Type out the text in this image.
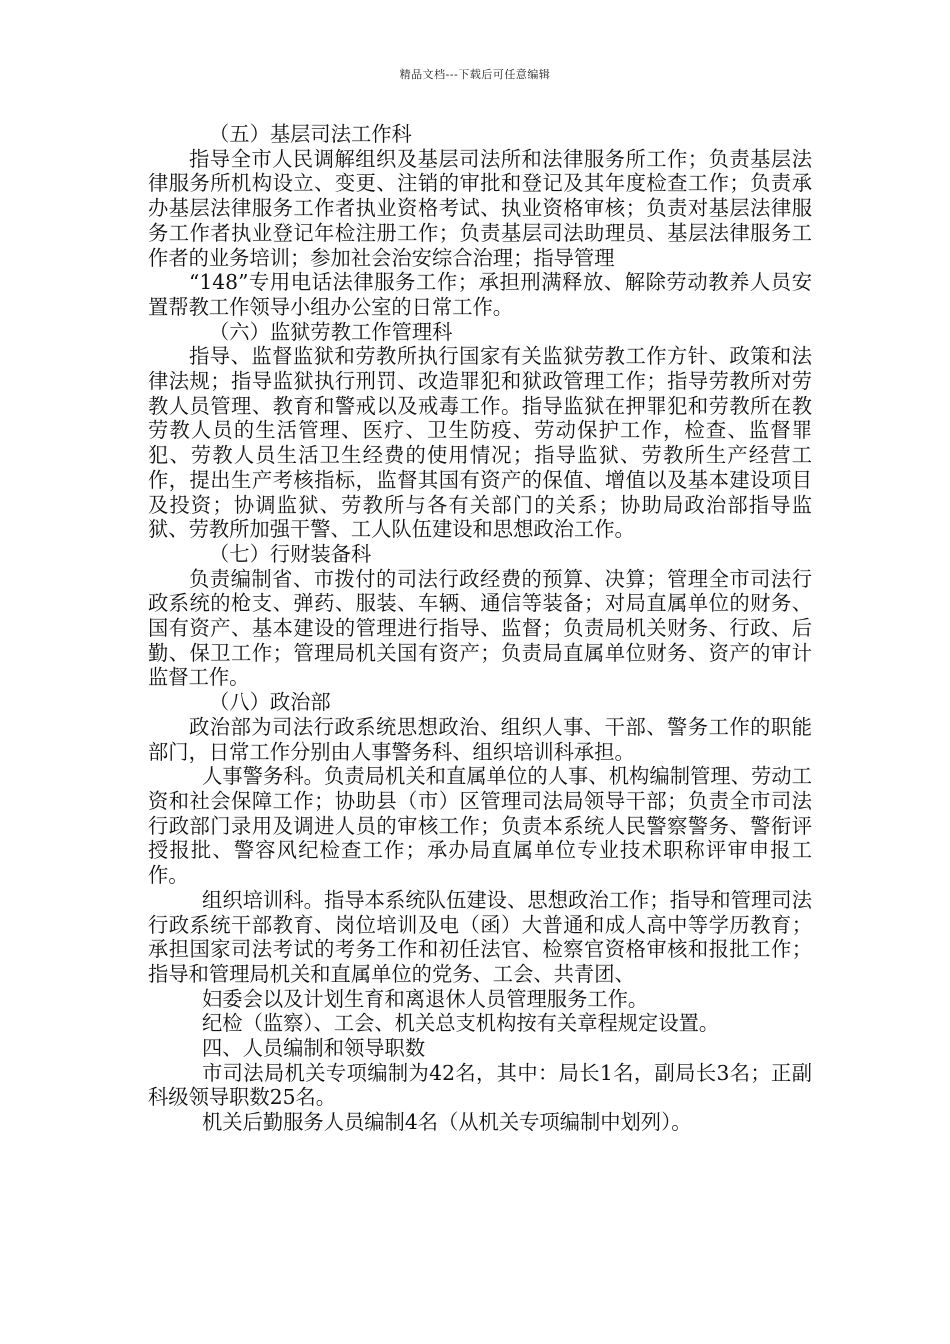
精品文档---下载后可任意编辑

（五）基层司法工作科

指导全市人民调解组织及基层司法所和法律服务所工作；负责基层法律服务所机构设立、变更、注销的审批和登记及其年度检查工作；负责承办基层法律服务工作者执业资格考试、执业资格审核；负责对基层法律服务工作者执业登记年检注册工作；负责基层司法助理员、基层法律服务工作者的业务培训；参加社会治安综合治理；指导管理

“148”专用电话法律服务工作；承担刑满释放、解除劳动教养人员安置帮教工作领导小组办公室的日常工作。

（六）监狱劳教工作管理科

指导、监督监狱和劳教所执行国家有关监狱劳教工作方针、政策和法律法规；指导监狱执行刑罚、改造罪犯和狱政管理工作；指导劳教所对劳教人员管理、教育和警戒以及戒毒工作。指导监狱在押罪犯和劳教所在教劳教人员的生活管理、医疗、卫生防疫、劳动保护工作，检查、监督罪犯、劳教人员生活卫生经费的使用情况；指导监狱、劳教所生产经营工作，提出生产考核指标，监督其国有资产的保值、增值以及基本建设项目及投资；协调监狱、劳教所与各有关部门的关系；协助局政治部指导监狱、劳教所加强干警、工人队伍建设和思想政治工作。

（七）行财装备科

负责编制省、市拨付的司法行政经费的预算、决算；管理全市司法行政系统的枪支、弹药、服装、车辆、通信等装备；对局直属单位的财务、国有资产、基本建设的管理进行指导、监督；负责局机关财务、行政、后勤、保卫工作；管理局机关国有资产；负责局直属单位财务、资产的审计监督工作。

（八）政治部

政治部为司法行政系统思想政治、组织人事、干部、警务工作的职能部门，日常工作分别由人事警务科、组织培训科承担。

人事警务科。负责局机关和直属单位的人事、机构编制管理、劳动工资和社会保障工作；协助县（市）区管理司法局领导干部；负责全市司法行政部门录用及调进人员的审核工作；负责本系统人民警察警务、警衔评授报批、警容风纪检查工作；承办局直属单位专业技术职称评审申报工作。

组织培训科。指导本系统队伍建设、思想政治工作；指导和管理司法行政系统干部教育、岗位培训及电（函）大普通和成人高中等学历教育；承担国家司法考试的考务工作和初任法官、检察官资格审核和报批工作；指导和管理局机关和直属单位的党务、工会、共青团、

妇委会以及计划生育和离退休人员管理服务工作。

纪检（监察）、工会、机关总支机构按有关章程规定设置。

四、人员编制和领导职数

市司法局机关专项编制为42名，其中：局长1名，副局长3名；正副科级领导职数25名。

机关后勤服务人员编制4名（从机关专项编制中划列）。
